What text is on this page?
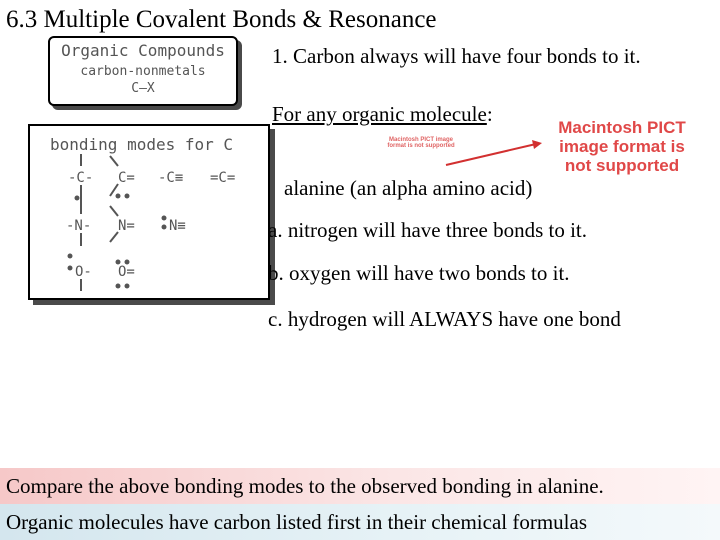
6.3 Multiple Covalent Bonds & Resonance
Organic Compounds
carbon-nonmetals
C—X
bonding modes for C
-C- C= -C≡ =C=
-N- N= N≡
O- O=
1. Carbon always will have four bonds to it.
For any organic molecule:
Macintosh PICT image format is not supported
Macintosh PICT image format is not supported
alanine (an alpha amino acid)
a. nitrogen will have three bonds to it.
b. oxygen will have two bonds to it.
c. hydrogen will ALWAYS have one bond
Compare the above bonding modes to the observed bonding in alanine.
Organic molecules have carbon listed first in their chemical formulas
